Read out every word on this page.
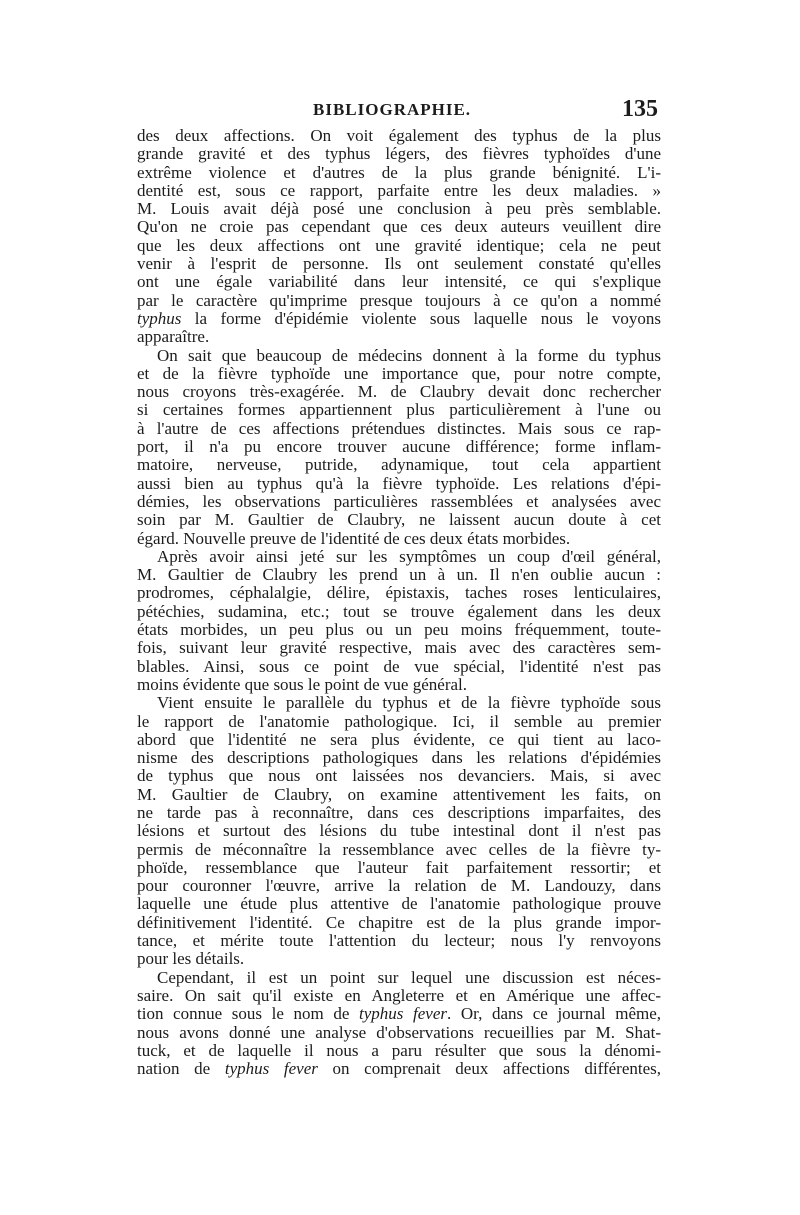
BIBLIOGRAPHIE.	135
des deux affections. On voit également des typhus de la plus
grande gravité et des typhus légers, des fièvres typhoïdes d'une
extrême violence et d'autres de la plus grande bénignité. L'i-
dentité est, sous ce rapport, parfaite entre les deux maladies. »
M. Louis avait déjà posé une conclusion à peu près semblable.
Qu'on ne croie pas cependant que ces deux auteurs veuillent dire
que les deux affections ont une gravité identique; cela ne peut
venir à l'esprit de personne. Ils ont seulement constaté qu'elles
ont une égale variabilité dans leur intensité, ce qui s'explique
par le caractère qu'imprime presque toujours à ce qu'on a nommé
typhus la forme d'épidémie violente sous laquelle nous le voyons
apparaître.
On sait que beaucoup de médecins donnent à la forme du typhus
et de la fièvre typhoïde une importance que, pour notre compte,
nous croyons très-exagérée. M. de Claubry devait donc rechercher
si certaines formes appartiennent plus particulièrement à l'une ou
à l'autre de ces affections prétendues distinctes. Mais sous ce rap-
port, il n'a pu encore trouver aucune différence; forme inflam-
matoire, nerveuse, putride, adynamique, tout cela appartient
aussi bien au typhus qu'à la fièvre typhoïde. Les relations d'épi-
démies, les observations particulières rassemblées et analysées avec
soin par M. Gaultier de Claubry, ne laissent aucun doute à cet
égard. Nouvelle preuve de l'identité de ces deux états morbides.
Après avoir ainsi jeté sur les symptômes un coup d'œil général,
M. Gaultier de Claubry les prend un à un. Il n'en oublie aucun :
prodromes, céphalalgie, délire, épistaxis, taches roses lenticulaires,
pétéchies, sudamina, etc.; tout se trouve également dans les deux
états morbides, un peu plus ou un peu moins fréquemment, toute-
fois, suivant leur gravité respective, mais avec des caractères sem-
blables. Ainsi, sous ce point de vue spécial, l'identité n'est pas
moins évidente que sous le point de vue général.
Vient ensuite le parallèle du typhus et de la fièvre typhoïde sous
le rapport de l'anatomie pathologique. Ici, il semble au premier
abord que l'identité ne sera plus évidente, ce qui tient au laco-
nisme des descriptions pathologiques dans les relations d'épidémies
de typhus que nous ont laissées nos devanciers. Mais, si avec
M. Gaultier de Claubry, on examine attentivement les faits, on
ne tarde pas à reconnaître, dans ces descriptions imparfaites, des
lésions et surtout des lésions du tube intestinal dont il n'est pas
permis de méconnaître la ressemblance avec celles de la fièvre ty-
phoïde, ressemblance que l'auteur fait parfaitement ressortir; et
pour couronner l'œuvre, arrive la relation de M. Landouzy, dans
laquelle une étude plus attentive de l'anatomie pathologique prouve
définitivement l'identité. Ce chapitre est de la plus grande impor-
tance, et mérite toute l'attention du lecteur; nous l'y renvoyons
pour les détails.
Cependant, il est un point sur lequel une discussion est néces-
saire. On sait qu'il existe en Angleterre et en Amérique une affec-
tion connue sous le nom de typhus fever. Or, dans ce journal même,
nous avons donné une analyse d'observations recueillies par M. Shat-
tuck, et de laquelle il nous a paru résulter que sous la dénomi-
nation de typhus fever on comprenait deux affections différentes,
